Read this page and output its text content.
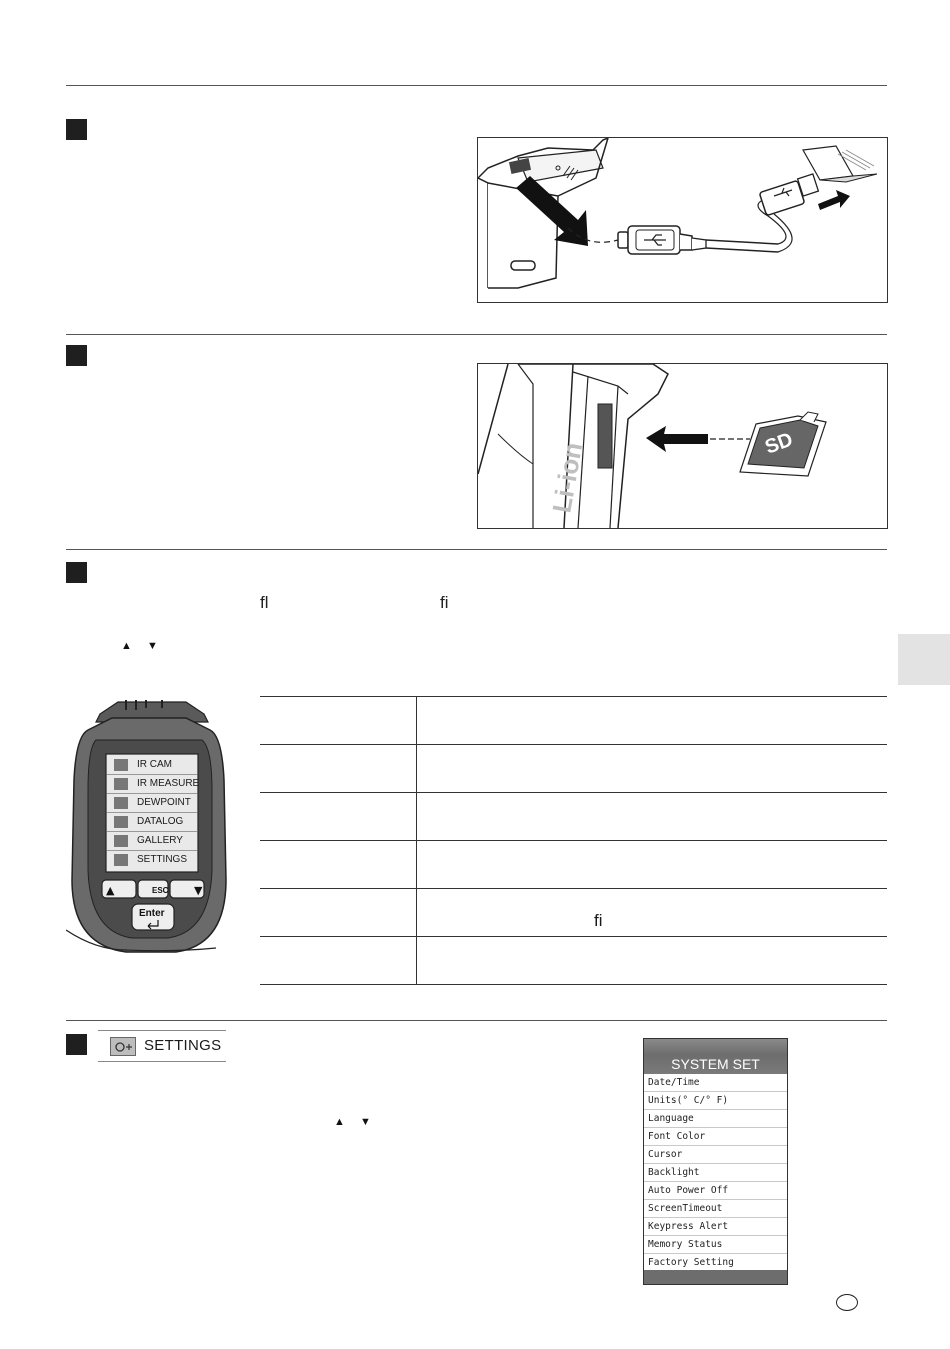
Li-ion	SD
ﬂ	ﬁ
▲ ▼
▲	▼
ESC
Enter
IR CAM
IR MEASURE
DEWPOINT
DATALOG
GALLERY
SETTINGS

	ﬁ

SETTINGS
▲ ▼
SYSTEM SET
Date/Time
Units(° C/° F)
Language
Font Color
Cursor
Backlight
Auto Power Off
ScreenTimeout
Keypress Alert
Memory Status
Factory Setting
